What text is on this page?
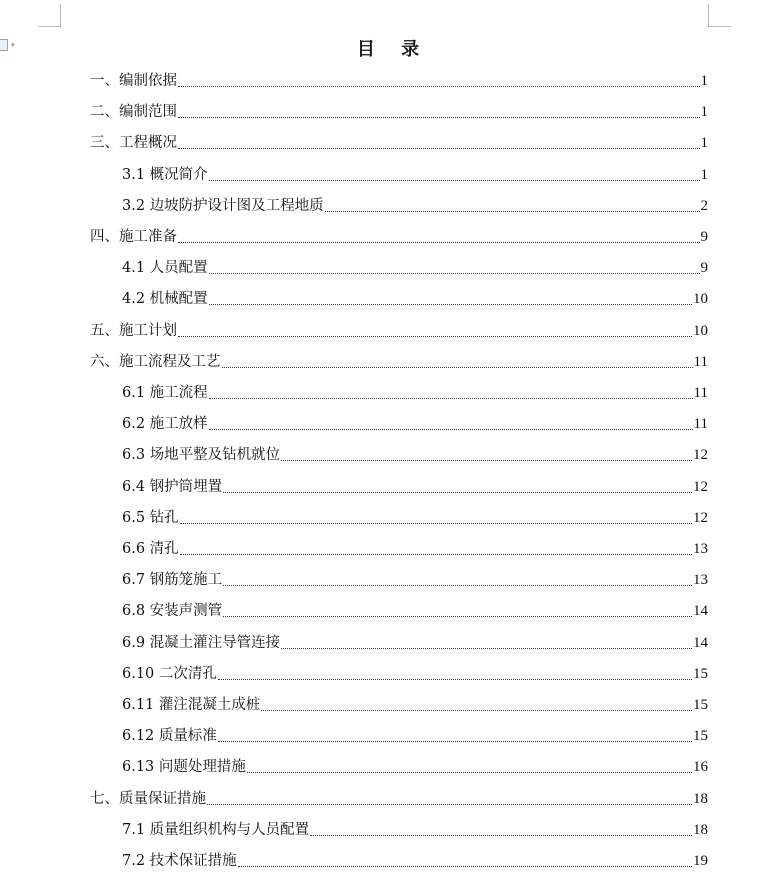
▾	目 录
一、编制依据	1
二、编制范围	1
三、工程概况	1
3.1 概况简介	1
3.2 边坡防护设计图及工程地质	2
四、施工准备	9
4.1 人员配置	9
4.2 机械配置	10
五、施工计划	10
六、施工流程及工艺	11
6.1 施工流程	11
6.2 施工放样	11
6.3 场地平整及钻机就位	12
6.4 钢护筒埋置	12
6.5 钻孔	12
6.6 清孔	13
6.7 钢筋笼施工	13
6.8 安装声测管	14
6.9 混凝土灌注导管连接	14
6.10 二次清孔	15
6.11 灌注混凝土成桩	15
6.12 质量标准	15
6.13 问题处理措施	16
七、质量保证措施	18
7.1 质量组织机构与人员配置	18
7.2 技术保证措施	19
